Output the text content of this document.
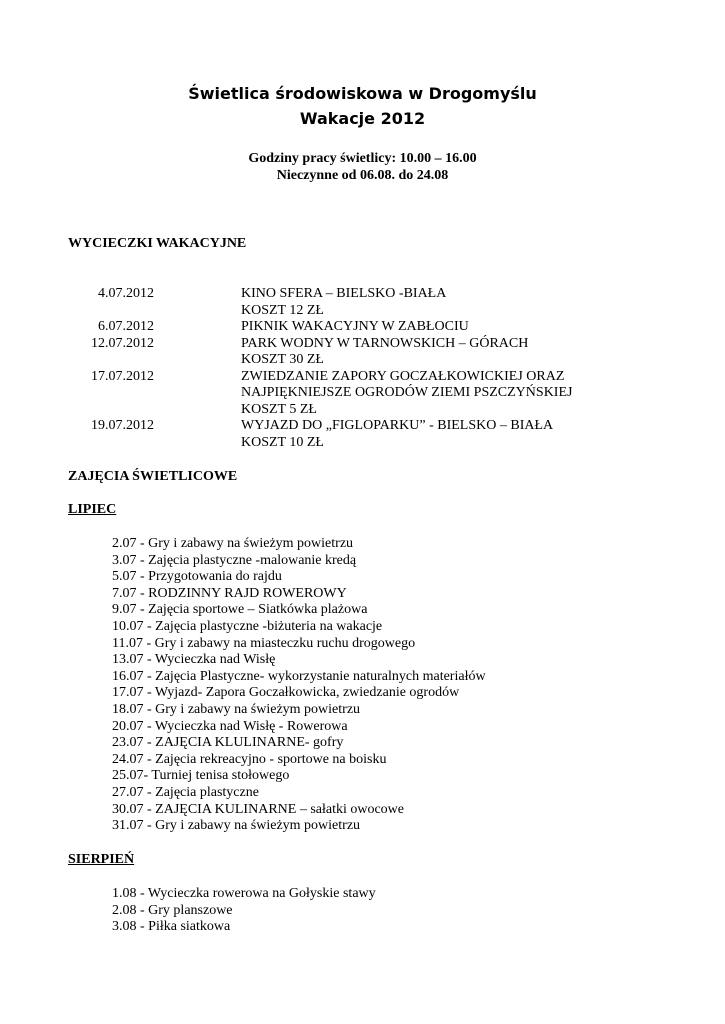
Świetlica środowiskowa w Drogomyślu
Wakacje 2012
Godziny pracy świetlicy: 10.00 – 16.00
Nieczynne od 06.08. do 24.08
WYCIECZKI WAKACYJNE
4.07.2012	KINO SFERA – BIELSKO -BIAŁA
KOSZT 12 ZŁ
6.07.2012	PIKNIK WAKACYJNY W ZABŁOCIU
12.07.2012	PARK WODNY W TARNOWSKICH – GÓRACH
KOSZT 30 ZŁ
17.07.2012	ZWIEDZANIE ZAPORY GOCZAŁKOWICKIEJ ORAZ
NAJPIĘKNIEJSZE OGRODÓW ZIEMI PSZCZYŃSKIEJ
KOSZT 5 ZŁ
19.07.2012	WYJAZD DO „FIGLOPARKU” - BIELSKO – BIAŁA
KOSZT 10 ZŁ
ZAJĘCIA ŚWIETLICOWE
LIPIEC
2.07 - Gry i zabawy na świeżym powietrzu
3.07 - Zajęcia plastyczne -malowanie kredą
5.07 - Przygotowania do rajdu
7.07 - RODZINNY RAJD ROWEROWY
9.07 - Zajęcia sportowe – Siatkówka plażowa
10.07 - Zajęcia plastyczne -biżuteria na wakacje
11.07 - Gry i zabawy na miasteczku ruchu drogowego
13.07 - Wycieczka nad Wisłę
16.07 - Zajęcia Plastyczne- wykorzystanie naturalnych materiałów
17.07 - Wyjazd- Zapora Goczałkowicka, zwiedzanie ogrodów
18.07 - Gry i zabawy na świeżym powietrzu
20.07 - Wycieczka nad Wisłę - Rowerowa
23.07 - ZAJĘCIA KLULINARNE- gofry
24.07 - Zajęcia rekreacyjno - sportowe na boisku
25.07- Turniej tenisa stołowego
27.07 - Zajęcia plastyczne
30.07 - ZAJĘCIA KULINARNE – sałatki owocowe
31.07 - Gry i zabawy na świeżym powietrzu
SIERPIEŃ
1.08 - Wycieczka rowerowa na Gołyskie stawy
2.08 - Gry planszowe
3.08 - Piłka siatkowa
